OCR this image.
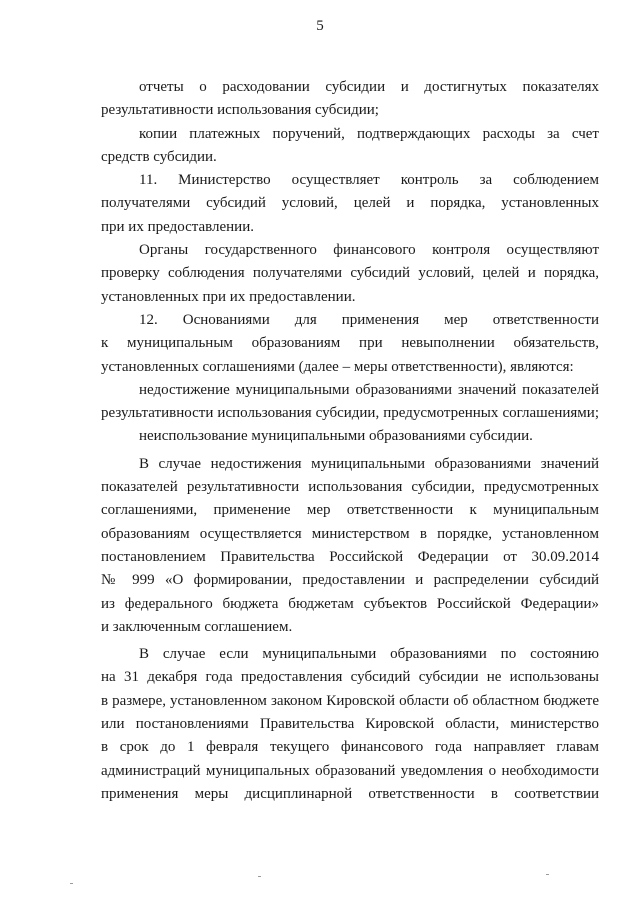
5
отчеты о расходовании субсидии и достигнутых показателях
результативности использования субсидии;
копии платежных поручений, подтверждающих расходы за счет
средств субсидии.
11. Министерство осуществляет контроль за соблюдением
получателями субсидий условий, целей и порядка, установленных
при их предоставлении.
Органы государственного финансового контроля осуществляют
проверку соблюдения получателями субсидий условий, целей и порядка,
установленных при их предоставлении.
12. Основаниями для применения мер ответственности
к муниципальным образованиям при невыполнении обязательств,
установленных соглашениями (далее – меры ответственности), являются:
недостижение муниципальными образованиями значений показателей
результативности использования субсидии, предусмотренных соглашениями;
неиспользование муниципальными образованиями субсидии.
В случае недостижения муниципальными образованиями значений
показателей результативности использования субсидии, предусмотренных
соглашениями, применение мер ответственности к муниципальным
образованиям осуществляется министерством в порядке, установленном
постановлением Правительства Российской Федерации от 30.09.2014
№ 999 «О формировании, предоставлении и распределении субсидий
из федерального бюджета бюджетам субъектов Российской Федерации»
и заключенным соглашением.
В случае если муниципальными образованиями по состоянию
на 31 декабря года предоставления субсидий субсидии не использованы
в размере, установленном законом Кировской области об областном бюджете
или постановлениями Правительства Кировской области, министерство
в срок до 1 февраля текущего финансового года направляет главам
администраций муниципальных образований уведомления о необходимости
применения меры дисциплинарной ответственности в соответствии
